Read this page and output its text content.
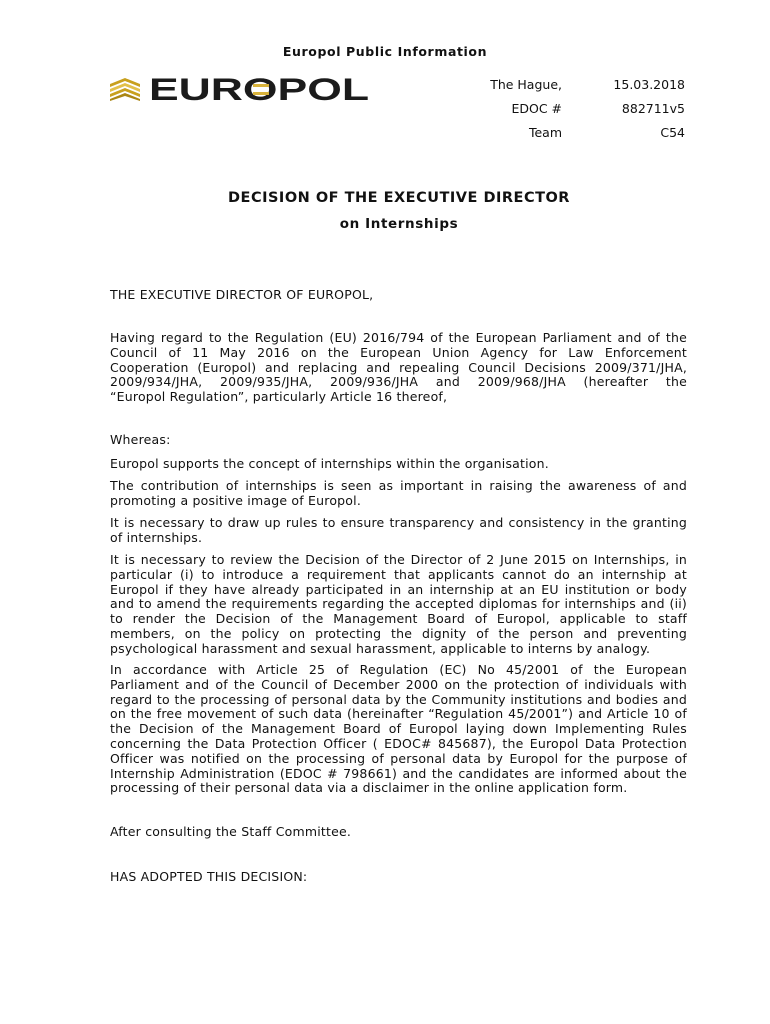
Europol Public Information
EUROPOL	The Hague,	15.03.2018
EDOC #	882711v5
Team	C54
DECISION OF THE EXECUTIVE DIRECTOR
on Internships
THE EXECUTIVE DIRECTOR OF EUROPOL,
Having regard to the Regulation (EU) 2016/794 of the European Parliament and of the
Council of 11 May 2016 on the European Union Agency for Law Enforcement
Cooperation (Europol) and replacing and repealing Council Decisions 2009/371/JHA,
2009/934/JHA, 2009/935/JHA, 2009/936/JHA and 2009/968/JHA (hereafter the
“Europol Regulation”, particularly Article 16 thereof,
Whereas:
Europol supports the concept of internships within the organisation.
The contribution of internships is seen as important in raising the awareness of and
promoting a positive image of Europol.
It is necessary to draw up rules to ensure transparency and consistency in the granting
of internships.
It is necessary to review the Decision of the Director of 2 June 2015 on Internships, in
particular (i) to introduce a requirement that applicants cannot do an internship at
Europol if they have already participated in an internship at an EU institution or body
and to amend the requirements regarding the accepted diplomas for internships and (ii)
to render the Decision of the Management Board of Europol, applicable to staff
members, on the policy on protecting the dignity of the person and preventing
psychological harassment and sexual harassment, applicable to interns by analogy.
In accordance with Article 25 of Regulation (EC) No 45/2001 of the European
Parliament and of the Council of December 2000 on the protection of individuals with
regard to the processing of personal data by the Community institutions and bodies and
on the free movement of such data (hereinafter “Regulation 45/2001”) and Article 10 of
the Decision of the Management Board of Europol laying down Implementing Rules
concerning the Data Protection Officer ( EDOC# 845687), the Europol Data Protection
Officer was notified on the processing of personal data by Europol for the purpose of
Internship Administration (EDOC # 798661) and the candidates are informed about the
processing of their personal data via a disclaimer in the online application form.
After consulting the Staff Committee.
HAS ADOPTED THIS DECISION:
